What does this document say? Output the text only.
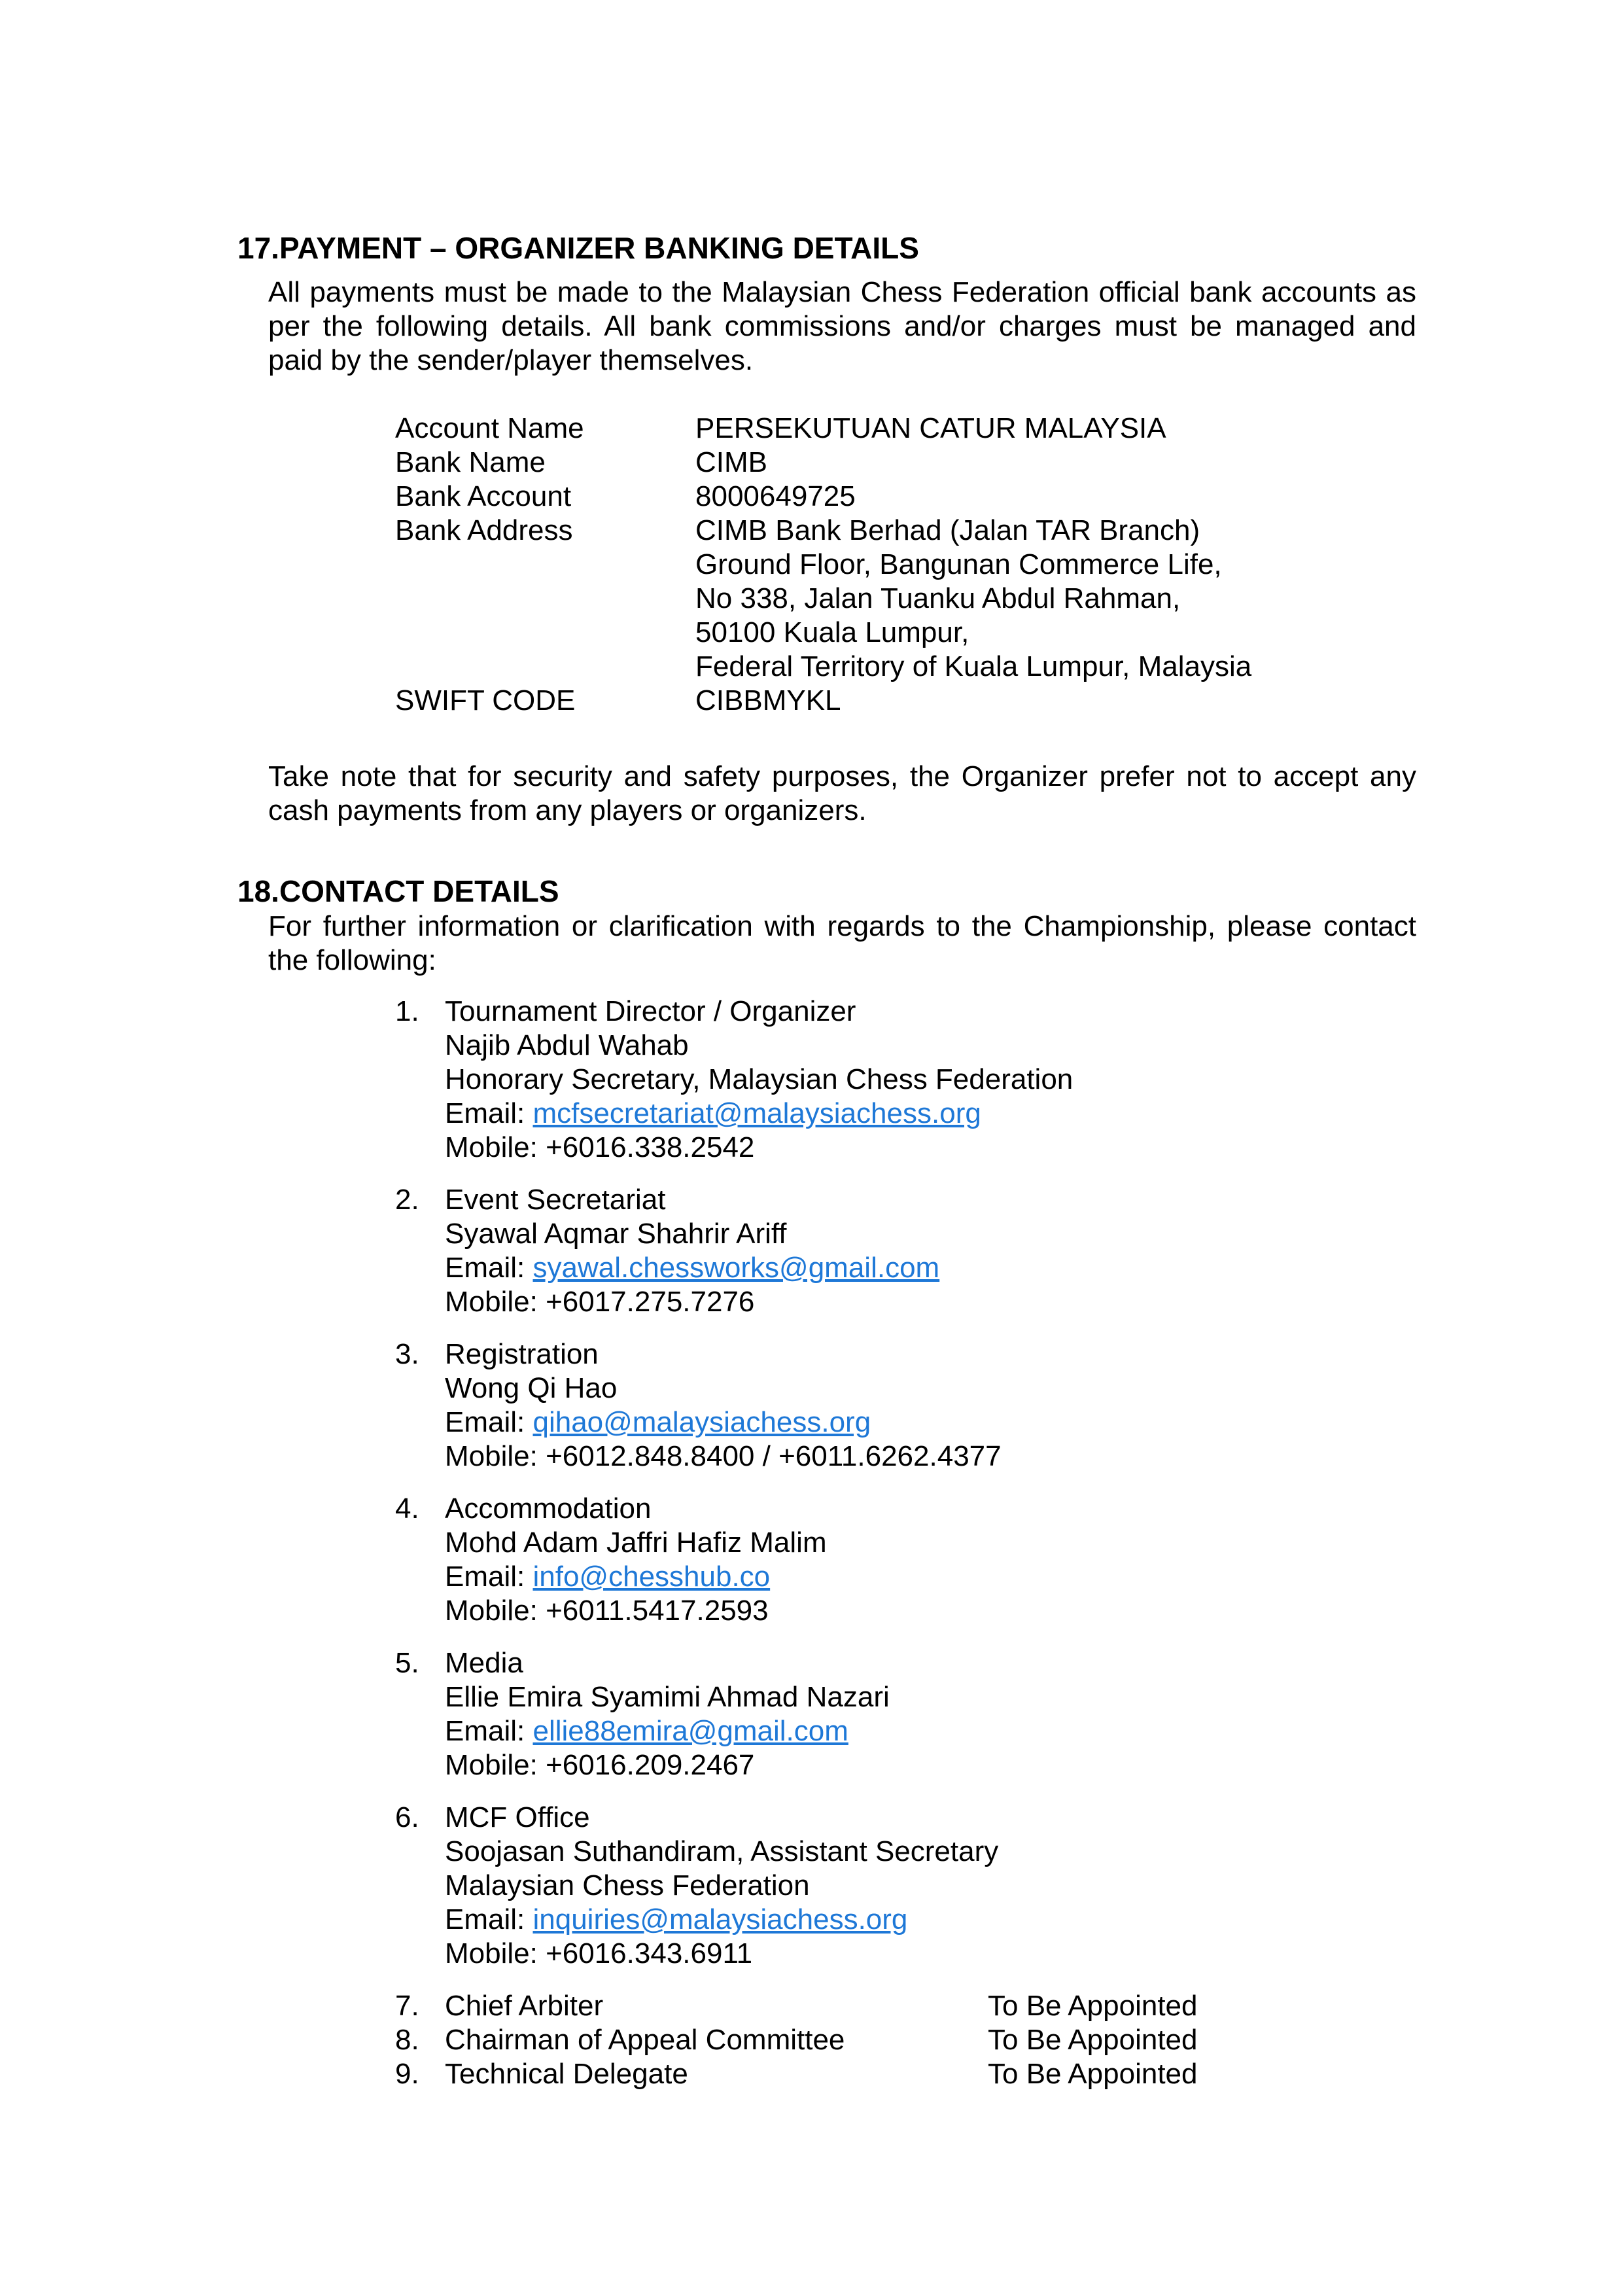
17.PAYMENT – ORGANIZER BANKING DETAILS
All payments must be made to the Malaysian Chess Federation official bank accounts as per the following details. All bank commissions and/or charges must be managed and paid by the sender/player themselves.
Account Name	PERSEKUTUAN CATUR MALAYSIA
Bank Name	CIMB
Bank Account	8000649725
Bank Address	CIMB Bank Berhad (Jalan TAR Branch)
Ground Floor, Bangunan Commerce Life,
No 338, Jalan Tuanku Abdul Rahman,
50100 Kuala Lumpur,
Federal Territory of Kuala Lumpur, Malaysia
SWIFT CODE	CIBBMYKL
Take note that for security and safety purposes, the Organizer prefer not to accept any cash payments from any players or organizers.
18.CONTACT DETAILS
For further information or clarification with regards to the Championship, please contact the following:
1. Tournament Director / Organizer
Najib Abdul Wahab
Honorary Secretary, Malaysian Chess Federation
Email: mcfsecretariat@malaysiachess.org
Mobile: +6016.338.2542
2. Event Secretariat
Syawal Aqmar Shahrir Ariff
Email: syawal.chessworks@gmail.com
Mobile: +6017.275.7276
3. Registration
Wong Qi Hao
Email: qihao@malaysiachess.org
Mobile: +6012.848.8400 / +6011.6262.4377
4. Accommodation
Mohd Adam Jaffri Hafiz Malim
Email: info@chesshub.co
Mobile: +6011.5417.2593
5. Media
Ellie Emira Syamimi Ahmad Nazari
Email: ellie88emira@gmail.com
Mobile: +6016.209.2467
6. MCF Office
Soojasan Suthandiram, Assistant Secretary
Malaysian Chess Federation
Email: inquiries@malaysiachess.org
Mobile: +6016.343.6911
7. Chief Arbiter	To Be Appointed
8. Chairman of Appeal Committee	To Be Appointed
9. Technical Delegate	To Be Appointed
